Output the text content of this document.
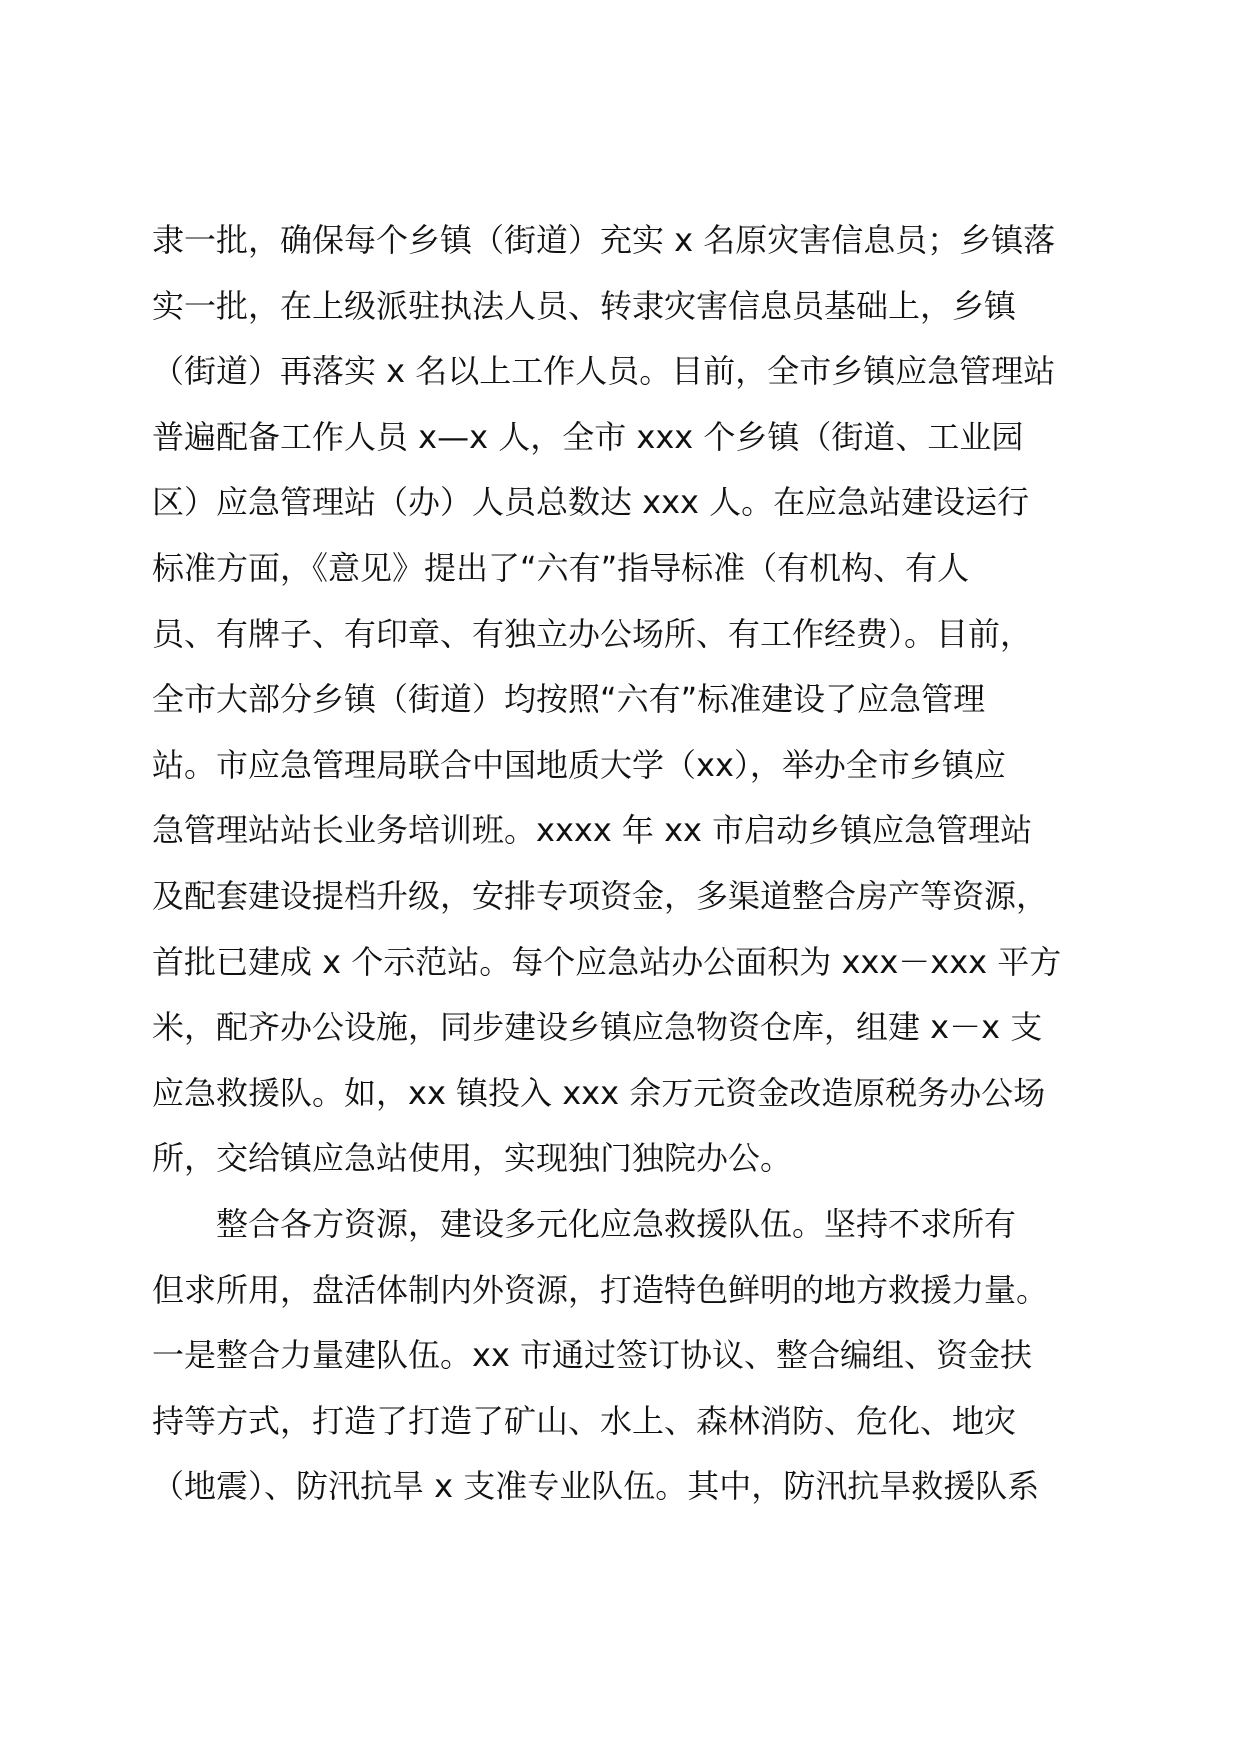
隶一批，确保每个乡镇（街道）充实 x 名原灾害信息员；乡镇落
实一批，在上级派驻执法人员、转隶灾害信息员基础上，乡镇
（街道）再落实 x 名以上工作人员。目前，全市乡镇应急管理站
普遍配备工作人员 x—x 人，全市 xxx 个乡镇（街道、工业园
区）应急管理站（办）人员总数达 xxx 人。在应急站建设运行
标准方面，《意见》提出了“六有”指导标准（有机构、有人
员、有牌子、有印章、有独立办公场所、有工作经费）。目前，
全市大部分乡镇（街道）均按照“六有”标准建设了应急管理
站。市应急管理局联合中国地质大学（xx），举办全市乡镇应
急管理站站长业务培训班。xxxx 年 xx 市启动乡镇应急管理站
及配套建设提档升级，安排专项资金，多渠道整合房产等资源，
首批已建成 x 个示范站。每个应急站办公面积为 xxx－xxx 平方
米，配齐办公设施，同步建设乡镇应急物资仓库，组建 x－x 支
应急救援队。如，xx 镇投入 xxx 余万元资金改造原税务办公场
所，交给镇应急站使用，实现独门独院办公。
整合各方资源，建设多元化应急救援队伍。坚持不求所有
但求所用，盘活体制内外资源，打造特色鲜明的地方救援力量。
一是整合力量建队伍。xx 市通过签订协议、整合编组、资金扶
持等方式，打造了打造了矿山、水上、森林消防、危化、地灾
（地震）、防汛抗旱 x 支准专业队伍。其中，防汛抗旱救援队系
